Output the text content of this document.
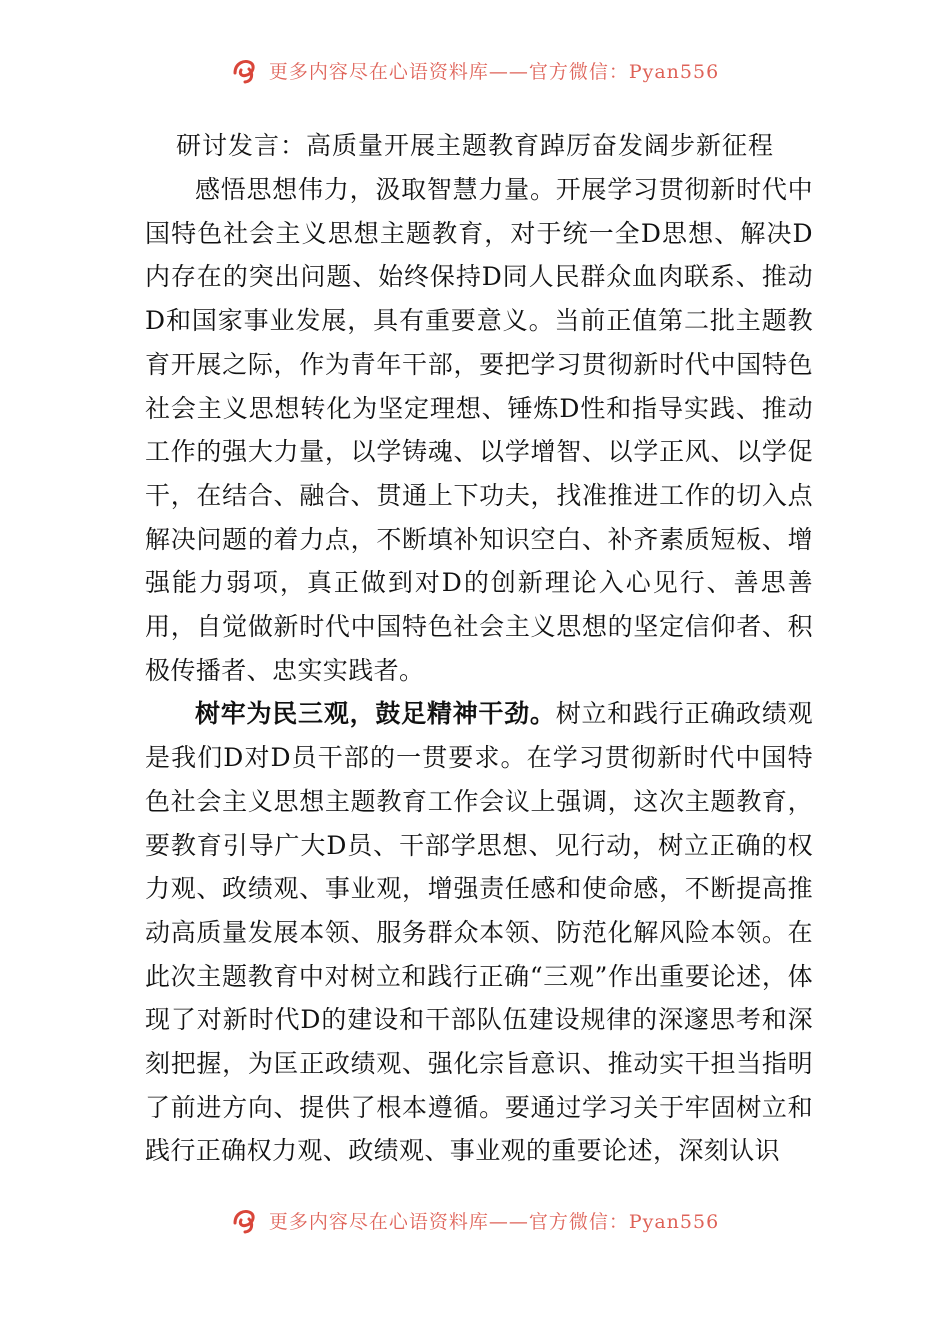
更多内容尽在心语资料库——官方微信：Pyan556
研讨发言：高质量开展主题教育踔厉奋发阔步新征程

感悟思想伟力，汲取智慧力量。开展学习贯彻新时代中国特色社会主义思想主题教育，对于统一全D思想、解决D内存在的突出问题、始终保持D同人民群众血肉联系、推动D和国家事业发展，具有重要意义。当前正值第二批主题教育开展之际，作为青年干部，要把学习贯彻新时代中国特色社会主义思想转化为坚定理想、锤炼D性和指导实践、推动工作的强大力量，以学铸魂、以学增智、以学正风、以学促干，在结合、融合、贯通上下功夫，找准推进工作的切入点解决问题的着力点，不断填补知识空白、补齐素质短板、增强能力弱项，真正做到对D的创新理论入心见行、善思善用，自觉做新时代中国特色社会主义思想的坚定信仰者、积极传播者、忠实实践者。

树牢为民三观，鼓足精神干劲。树立和践行正确政绩观是我们D对D员干部的一贯要求。在学习贯彻新时代中国特色社会主义思想主题教育工作会议上强调，这次主题教育，要教育引导广大D员、干部学思想、见行动，树立正确的权力观、政绩观、事业观，增强责任感和使命感，不断提高推动高质量发展本领、服务群众本领、防范化解风险本领。在此次主题教育中对树立和践行正确“三观”作出重要论述，体现了对新时代D的建设和干部队伍建设规律的深邃思考和深刻把握，为匡正政绩观、强化宗旨意识、推动实干担当指明了前进方向、提供了根本遵循。要通过学习关于牢固树立和践行正确权力观、政绩观、事业观的重要论述，深刻认识

更多内容尽在心语资料库——官方微信：Pyan556
